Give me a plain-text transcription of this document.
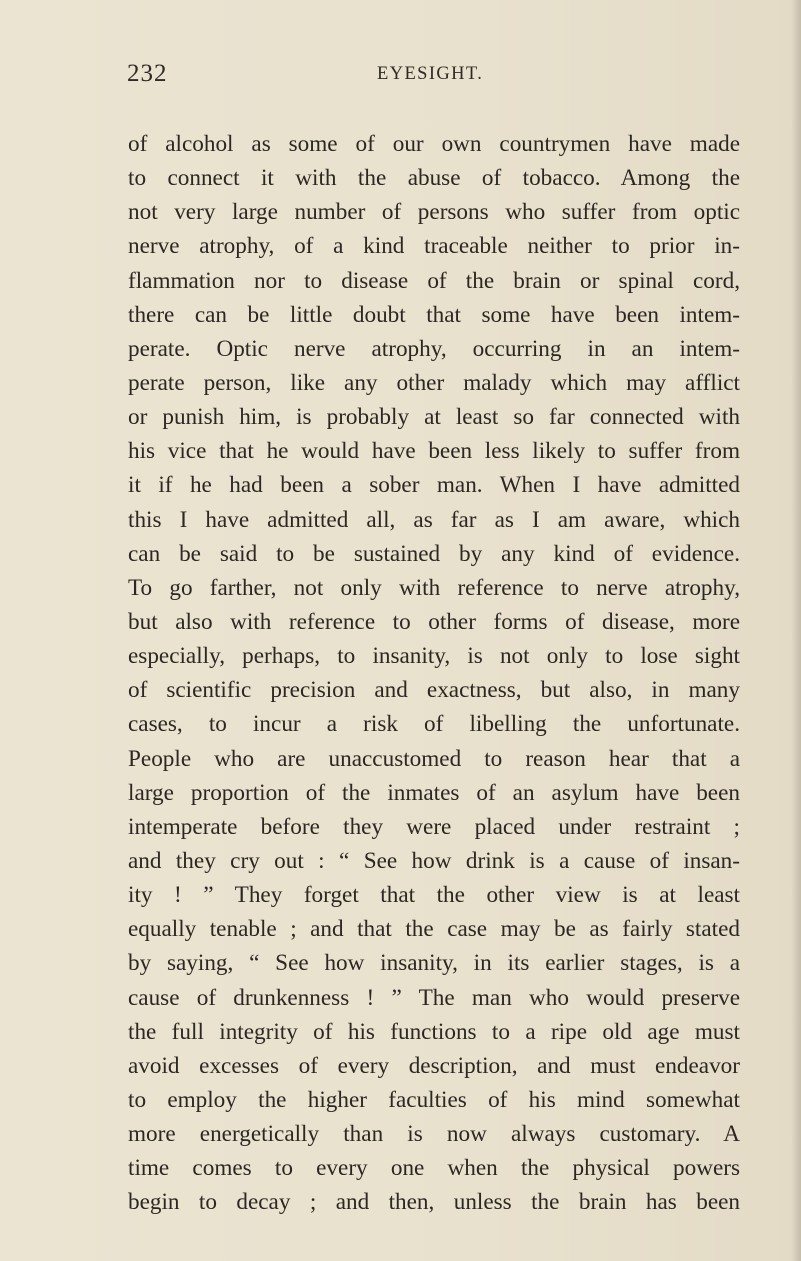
232	EYESIGHT.
of alcohol as some of our own countrymen have made
to connect it with the abuse of tobacco. Among the
not very large number of persons who suffer from optic
nerve atrophy, of a kind traceable neither to prior in-
flammation nor to disease of the brain or spinal cord,
there can be little doubt that some have been intem-
perate. Optic nerve atrophy, occurring in an intem-
perate person, like any other malady which may afflict
or punish him, is probably at least so far connected with
his vice that he would have been less likely to suffer from
it if he had been a sober man. When I have admitted
this I have admitted all, as far as I am aware, which
can be said to be sustained by any kind of evidence.
To go farther, not only with reference to nerve atrophy,
but also with reference to other forms of disease, more
especially, perhaps, to insanity, is not only to lose sight
of scientific precision and exactness, but also, in many
cases, to incur a risk of libelling the unfortunate.
People who are unaccustomed to reason hear that a
large proportion of the inmates of an asylum have been
intemperate before they were placed under restraint ;
and they cry out : “ See how drink is a cause of insan-
ity ! ” They forget that the other view is at least
equally tenable ; and that the case may be as fairly stated
by saying, “ See how insanity, in its earlier stages, is a
cause of drunkenness ! ” The man who would preserve
the full integrity of his functions to a ripe old age must
avoid excesses of every description, and must endeavor
to employ the higher faculties of his mind somewhat
more energetically than is now always customary. A
time comes to every one when the physical powers
begin to decay ; and then, unless the brain has been
